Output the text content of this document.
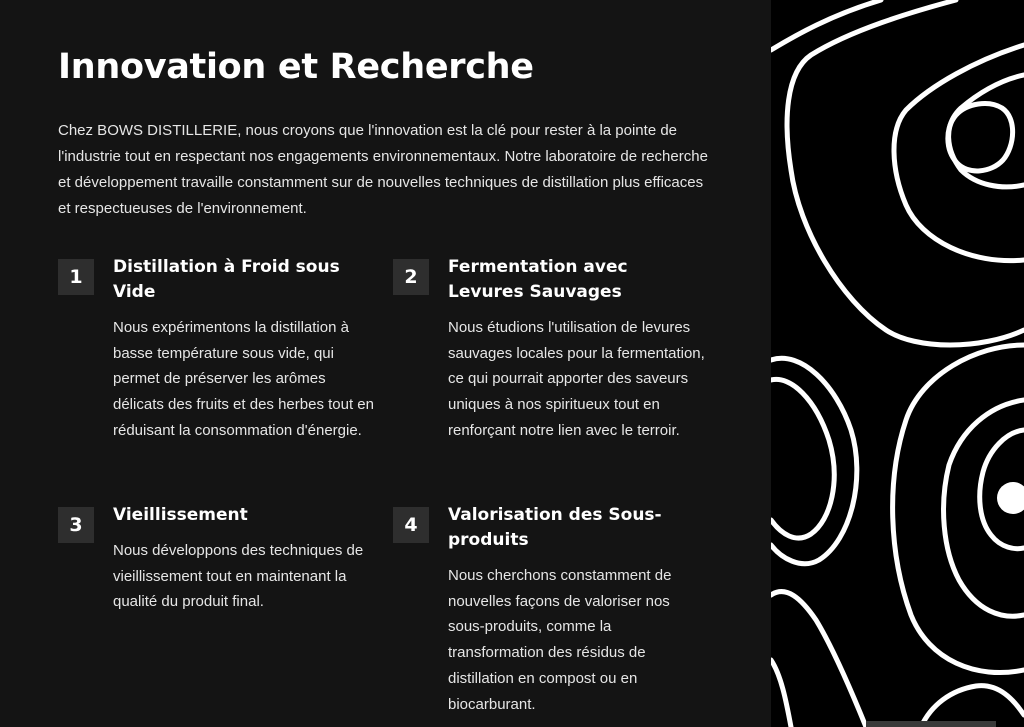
Innovation et Recherche

Chez BOWS DISTILLERIE, nous croyons que l'innovation est la clé pour rester à la pointe de l'industrie tout en respectant nos engagements environnementaux. Notre laboratoire de recherche et développement travaille constamment sur de nouvelles techniques de distillation plus efficaces et respectueuses de l'environnement.

1	Distillation à Froid sous Vide

Nous expérimentons la distillation à basse température sous vide, qui permet de préserver les arômes délicats des fruits et des herbes tout en réduisant la consommation d'énergie.

2	Fermentation avec Levures Sauvages

Nous étudions l'utilisation de levures sauvages locales pour la fermentation, ce qui pourrait apporter des saveurs uniques à nos spiritueux tout en renforçant notre lien avec le terroir.

3	Vieillissement

Nous développons des techniques de vieillissement tout en maintenant la qualité du produit final.

4	Valorisation des Sous-produits

Nous cherchons constamment de nouvelles façons de valoriser nos sous-produits, comme la transformation des résidus de distillation en compost ou en biocarburant.
